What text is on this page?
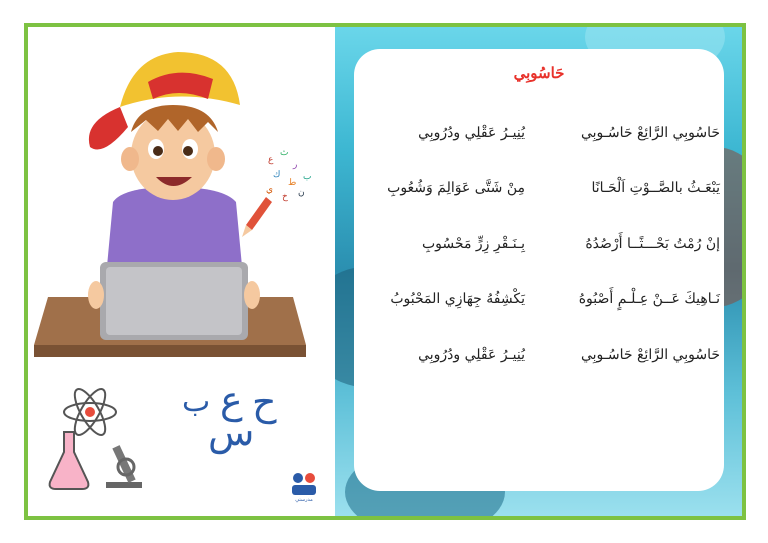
ع
ث
ر
ك
ط
ب
ي
خ ن
حَاسُوبِي
حَاسُوبِي الرَّائِعْ حَاسُـوبِي
يُنِيـرُ عَقْلِي ودُرُوبِي
يَبْعَـثُ بالصَّــوْتِ اَلْحَـانًا
مِنْ شَتَّى عَوَالِمَ وَشُعُوبِ
إنْ رُمْتُ بَحْـــثًــا أَرْصُدُهُ
بِـنَـقْرِ زِرٍّ مَحْسُوبِ
نَـاهِيكَ عَــنْ عِـلْـمٍ أَصْبُوهُ
يَكْشِفُهُ جِهَازِي المَحْبُوبُ
حَاسُوبِي الرَّائِعْ حَاسُـوبِي
يُنِيـرُ عَقْلِي ودُرُوبِي
ح
ع
ب
س
مدرستي
